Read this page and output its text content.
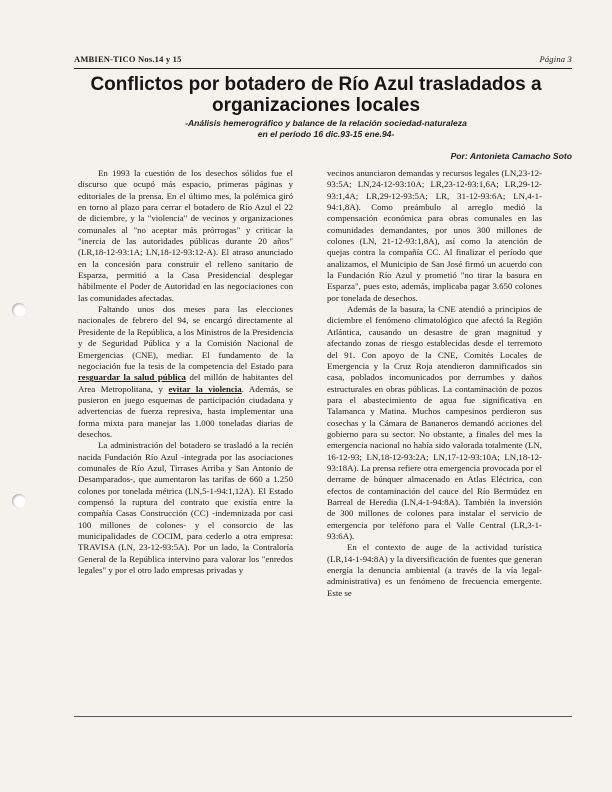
AMBIEN-TICO Nos.14 y 15	Página 3
Conflictos por botadero de Río Azul trasladados a organizaciones locales
-Análisis hemerográfico y balance de la relación sociedad-naturaleza
en el período 16 dic.93-15 ene.94-
Por: Antonieta Camacho Soto

En 1993 la cuestión de los desechos sólidos fue el discurso que ocupó más espacio, primeras páginas y editoriales de la prensa. En el último mes, la polémica giró en torno al plazo para cerrar el botadero de Río Azul el 22 de diciembre, y la "violencia" de vecinos y organizaciones comunales al "no aceptar más prórrogas" y criticar la "inercia de las autoridades públicas durante 20 años" (LR,18-12-93:1A; LN,18-12-93:12-A). El atraso anunciado en la concesión para construir el relleno sanitario de Esparza, permitió a la Casa Presidencial desplegar hábilmente el Poder de Autoridad en las negociaciones con las comunidades afectadas.

Faltando unos dos meses para las elecciones nacionales de febrero del 94, se encargó directamente al Presidente de la República, a los Ministros de la Presidencia y de Seguridad Pública y a la Comisión Nacional de Emergencias (CNE), mediar. El fundamento de la negociación fue la tesis de la competencia del Estado para resguardar la salud pública del millón de habitantes del Area Metropolitana, y evitar la violencia. Además, se pusieron en juego esquemas de participación ciudadana y advertencias de fuerza represiva, hasta implementar una forma mixta para manejar las 1.000 toneladas diarias de desechos.

La administración del botadero se trasladó a la recién nacida Fundación Río Azul -integrada por las asociaciones comunales de Río Azul, Tirrases Arriba y San Antonio de Desamparados-, que aumentaron las tarifas de 660 a 1.250 colones por tonelada métrica (LN,5-1-94:1,12A). El Estado compensó la ruptura del contrato que existía entre la compañía Casas Construcción (CC) -indemnizada por casi 100 millones de colones- y el consorcio de las municipalidades de COCIM, para cederlo a otra empresa: TRAVISA (LN, 23-12-93:5A). Por un lado, la Contraloría General de la República intervino para valorar los "enredos legales" y por el otro lado empresas privadas y

vecinos anunciaron demandas y recursos legales (LN,23-12-93:5A; LN,24-12-93:10A; LR,23-12-93:1,6A; LR,29-12-93:1,4A; LR,29-12-93:5A; LR, 31-12-93:6A; LN,4-1-94:1,8A). Como preámbulo al arreglo medió la compensación económica para obras comunales en las comunidades demandantes, por unos 300 millones de colones (LN, 21-12-93:1,8A), así como la atención de quejas contra la compañía CC. Al finalizar el período que analizamos, el Municipio de San José firmó un acuerdo con la Fundación Río Azul y prometió "no tirar la basura en Esparza", pues esto, además, implicaba pagar 3.650 colones por tonelada de desechos.

Además de la basura, la CNE atendió a principios de diciembre el fenómeno climatológico que afectó la Región Atlántica, causando un desastre de gran magnitud y afectando zonas de riesgo establecidas desde el terremoto del 91. Con apoyo de la CNE, Comités Locales de Emergencia y la Cruz Roja atendieron damnificados sin casa, poblados incomunicados por derrumbes y daños estructurales en obras públicas. La contaminación de pozos para el abastecimiento de agua fue significativa en Talamanca y Matina. Muchos campesinos perdieron sus cosechas y la Cámara de Bananeros demandó acciones del gobierno para su sector. No obstante, a finales del mes la emergencia nacional no había sido valorada totalmente (LN, 16-12-93; LN,18-12-93:2A; LN,17-12-93:10A; LN,18-12-93:18A). La prensa refiere otra emergencia provocada por el derrame de búnquer almacenado en Atlas Eléctrica, con efectos de contaminación del cauce del Río Bermúdez en Barreal de Heredia (LN,4-1-94:8A). También la inversión de 300 millones de colones para instalar el servicio de emergencia por teléfono para el Valle Central (LR,3-1-93:6A).

En el contexto de auge de la actividad turística (LR,14-1-94:8A) y la diversificación de fuentes que generan energía la denuncia ambiental (a través de la vía legal-administrativa) es un fenómeno de frecuencia emergente. Este se
